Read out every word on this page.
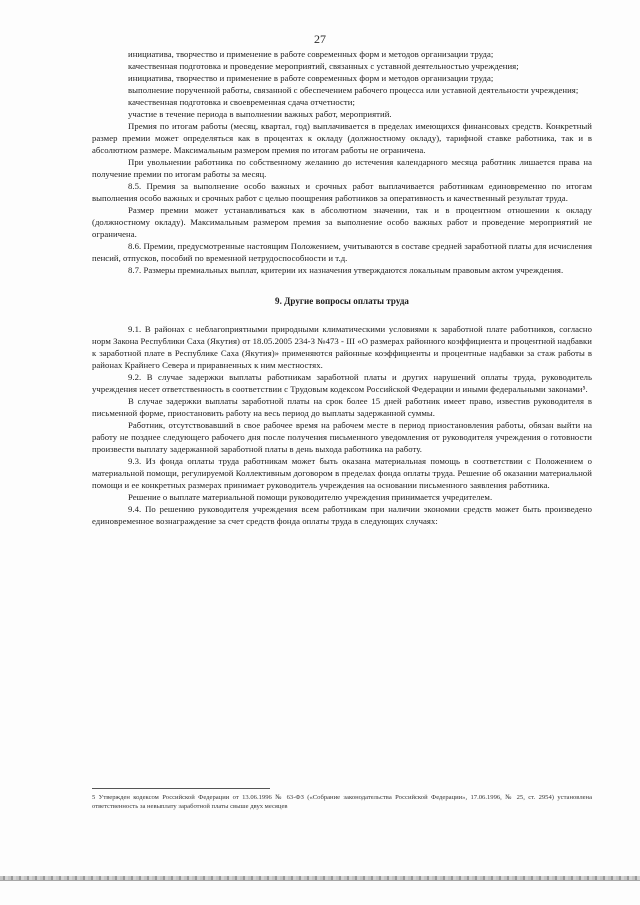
27

инициатива, творчество и применение в работе современных форм и методов организации труда;

качественная подготовка и проведение мероприятий, связанных с уставной деятельностью учреждения;

инициатива, творчество и применение в работе современных форм и методов организации труда;

выполнение порученной работы, связанной с обеспечением рабочего процесса или уставной деятельности учреждения;

качественная подготовка и своевременная сдача отчетности;

участие в течение периода в выполнении важных работ, мероприятий.

Премия по итогам работы (месяц, квартал, год) выплачивается в пределах имеющихся финансовых средств. Конкретный размер премии может определяться как в процентах к окладу (должностному окладу), тарифной ставке работника, так и в абсолютном размере. Максимальным размером премия по итогам работы не ограничена.

При увольнении работника по собственному желанию до истечения календарного месяца работник лишается права на получение премии по итогам работы за месяц.

8.5. Премия за выполнение особо важных и срочных работ выплачивается работникам единовременно по итогам выполнения особо важных и срочных работ с целью поощрения работников за оперативность и качественный результат труда.

Размер премии может устанавливаться как в абсолютном значении, так и в процентном отношении к окладу (должностному окладу). Максимальным размером премия за выполнение особо важных работ и проведение мероприятий не ограничена.

8.6. Премии, предусмотренные настоящим Положением, учитываются в составе средней заработной платы для исчисления пенсий, отпусков, пособий по временной нетрудоспособности и т.д.

8.7. Размеры премиальных выплат, критерии их назначения утверждаются локальным правовым актом учреждения.

9. Другие вопросы оплаты труда

9.1. В районах с неблагоприятными природными климатическими условиями к заработной плате работников, согласно норм Закона Республики Саха (Якутия) от 18.05.2005 234-З №473 - III «О размерах районного коэффициента и процентной надбавки к заработной плате в Республике Саха (Якутия)» применяются районные коэффициенты и процентные надбавки за стаж работы в районах Крайнего Севера и приравненных к ним местностях.

9.2. В случае задержки выплаты работникам заработной платы и других нарушений оплаты труда, руководитель учреждения несет ответственность в соответствии с Трудовым кодексом Российской Федерации и иными федеральными законами⁵.

В случае задержки выплаты заработной платы на срок более 15 дней работник имеет право, известив руководителя в письменной форме, приостановить работу на весь период до выплаты задержанной суммы.

Работник, отсутствовавший в свое рабочее время на рабочем месте в период приостановления работы, обязан выйти на работу не позднее следующего рабочего дня после получения письменного уведомления от руководителя учреждения о готовности произвести выплату задержанной заработной платы в день выхода работника на работу.

9.3. Из фонда оплаты труда работникам может быть оказана материальная помощь в соответствии с Положением о материальной помощи, регулируемой Коллективным договором в пределах фонда оплаты труда. Решение об оказании материальной помощи и ее конкретных размерах принимает руководитель учреждения на основании письменного заявления работника.

Решение о выплате материальной помощи руководителю учреждения принимается учредителем.

9.4. По решению руководителя учреждения всем работникам при наличии экономии средств может быть произведено единовременное вознаграждение за счет средств фонда оплаты труда в следующих случаях:

5 Утвержден кодексом Российской Федерации от 13.06.1996 № 63-ФЗ («Собрание законодательства Российской Федерации», 17.06.1996, № 25, ст. 2954) установлена ответственность за невыплату заработной платы свыше двух месяцев
